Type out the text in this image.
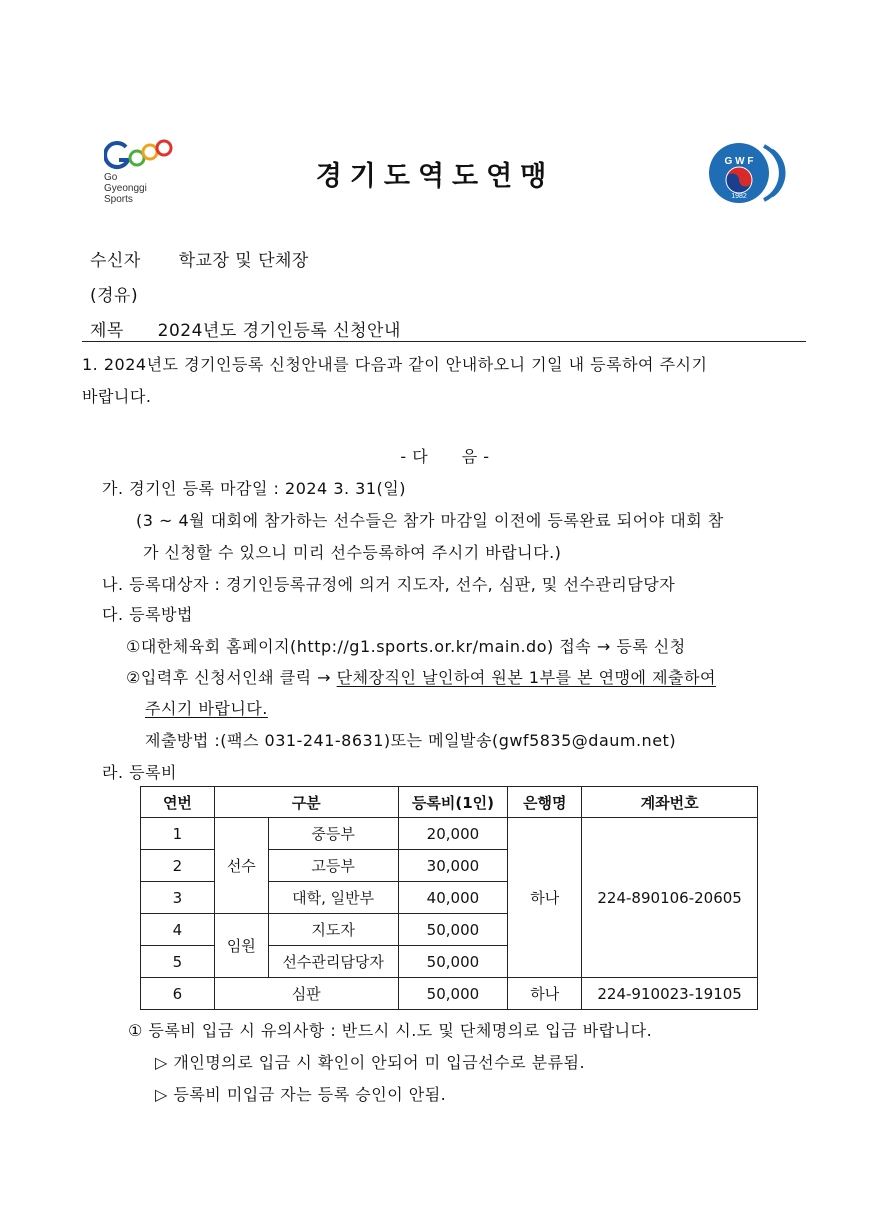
Go
Gyeonggi
Sports
경기도역도연맹	G W F
1982
수신자 학교장 및 단체장
(경유)
제목 2024년도 경기인등록 신청안내
1. 2024년도 경기인등록 신청안내를 다음과 같이 안내하오니 기일 내 등록하여 주시기
바랍니다.
- 다      음 -
가. 경기인 등록 마감일 : 2024 3. 31(일)
(3 ~ 4월 대회에 참가하는 선수들은 참가 마감일 이전에 등록완료 되어야 대회 참
가 신청할 수 있으니 미리 선수등록하여 주시기 바랍니다.)
나. 등록대상자 : 경기인등록규정에 의거 지도자, 선수, 심판, 및 선수관리담당자
다. 등록방법
①대한체육회 홈페이지(http://g1.sports.or.kr/main.do) 접속 → 등록 신청
②입력후 신청서인쇄 클릭 → 단체장직인 날인하여 원본 1부를 본 연맹에 제출하여
주시기 바랍니다.
제출방법 :(팩스 031-241-8631)또는 메일발송(gwf5835@daum.net)
라. 등록비
연번	구분		등록비(1인)	은행명	계좌번호
1	선수	중등부	20,000	하나	224-890106-20605
2		고등부	30,000		
3		대학, 일반부	40,000		
4	임원	지도자	50,000		
5		선수관리담당자	50,000		
6	심판		50,000	하나	224-910023-19105
① 등록비 입금 시 유의사항 : 반드시 시.도 및 단체명의로 입금 바랍니다.
▷ 개인명의로 입금 시 확인이 안되어 미 입금선수로 분류됨.
▷ 등록비 미입금 자는 등록 승인이 안됨.
